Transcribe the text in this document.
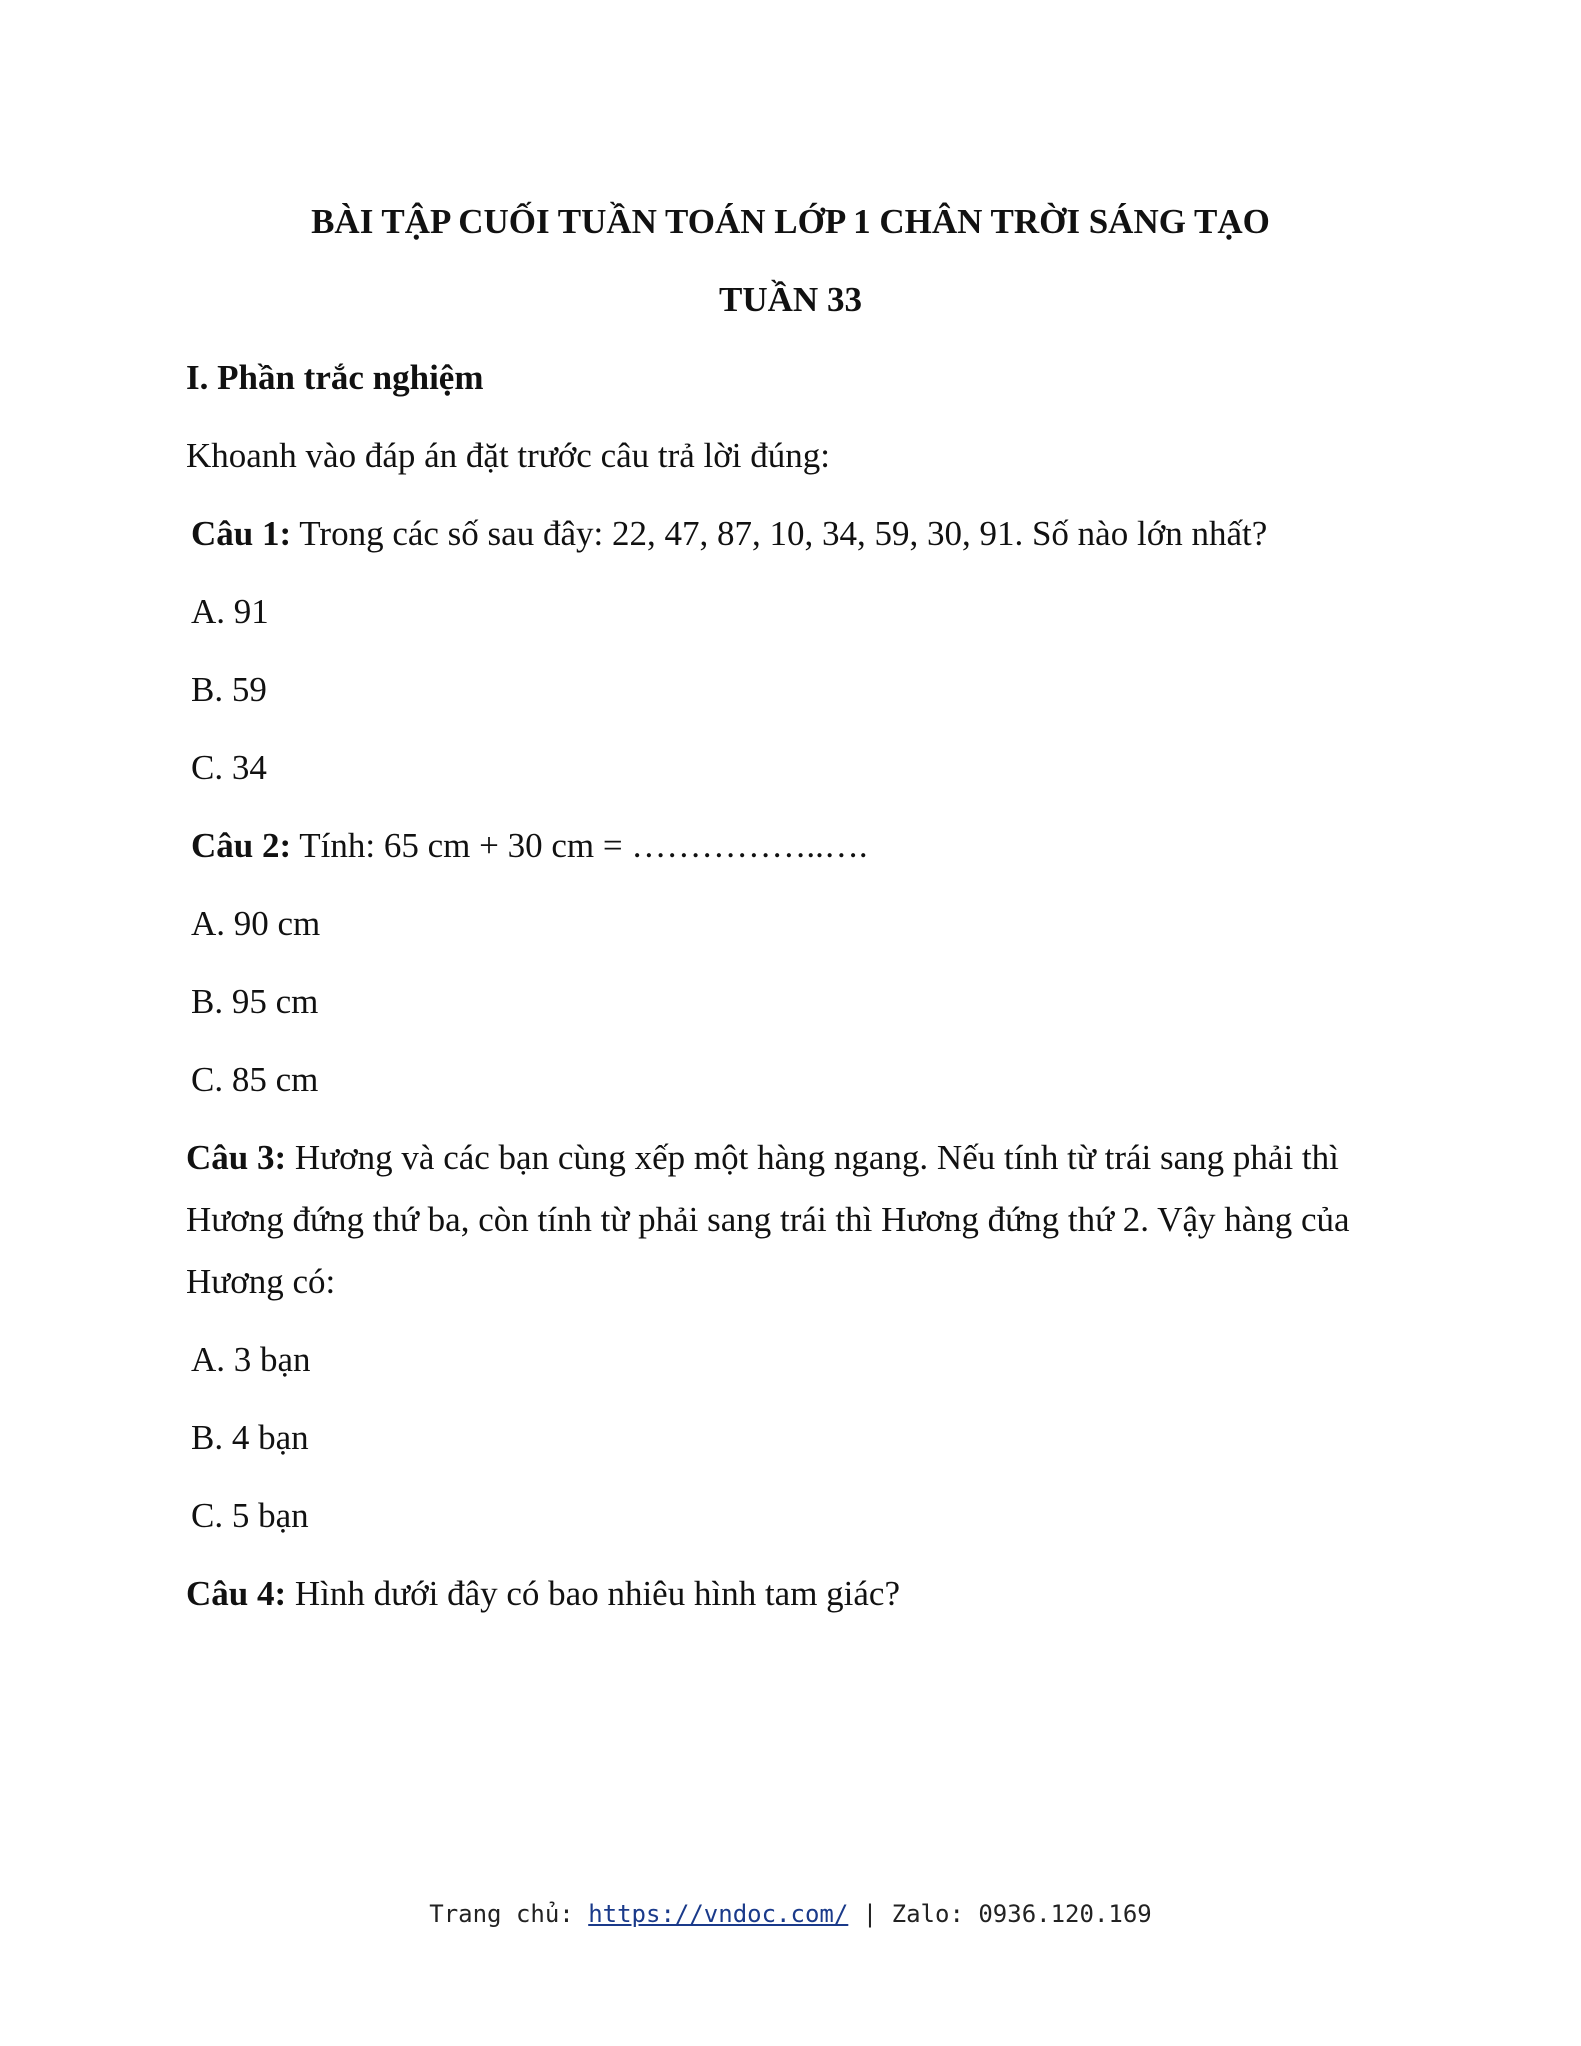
BÀI TẬP CUỐI TUẦN TOÁN LỚP 1 CHÂN TRỜI SÁNG TẠO
TUẦN 33
I. Phần trắc nghiệm
Khoanh vào đáp án đặt trước câu trả lời đúng:
Câu 1: Trong các số sau đây: 22, 47, 87, 10, 34, 59, 30, 91. Số nào lớn nhất?
A. 91
B. 59
C. 34
Câu 2: Tính: 65 cm + 30 cm = ……………..….
A. 90 cm
B. 95 cm
C. 85 cm
Câu 3: Hương và các bạn cùng xếp một hàng ngang. Nếu tính từ trái sang phải thì
Hương đứng thứ ba, còn tính từ phải sang trái thì Hương đứng thứ 2. Vậy hàng của
Hương có:
A. 3 bạn
B. 4 bạn
C. 5 bạn
Câu 4: Hình dưới đây có bao nhiêu hình tam giác?
Trang chủ: https://vndoc.com/ | Zalo: 0936.120.169
